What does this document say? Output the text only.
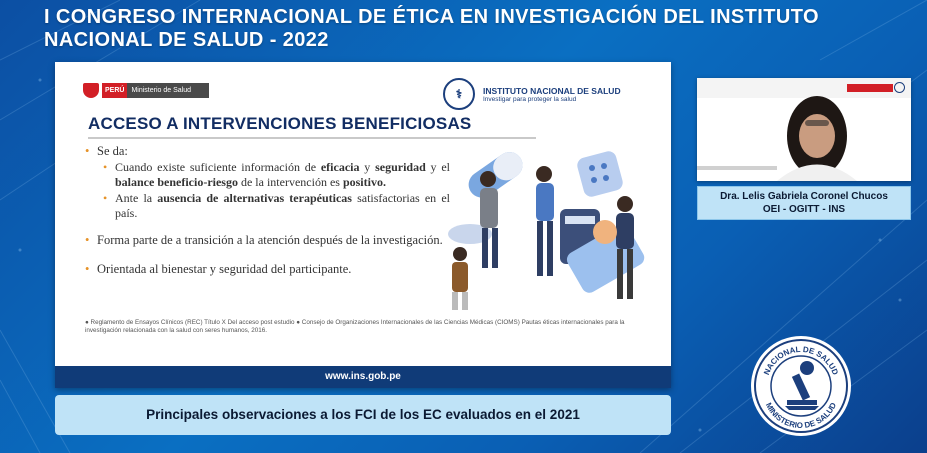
I CONGRESO INTERNACIONAL DE ÉTICA EN INVESTIGACIÓN DEL INSTITUTO
NACIONAL DE SALUD - 2022
PERÚ	Ministerio de Salud	⚕	INSTITUTO NACIONAL DE SALUD
Investigar para proteger la salud
ACCESO A INTERVENCIONES BENEFICIOSAS
• Se da:
• Cuando existe suficiente información de eficacia y seguridad y el balance beneficio-riesgo de la intervención es positivo.
• Ante la ausencia de alternativas terapéuticas satisfactorias en el país.
• Forma parte de a transición a la atención después de la investigación.
• Orientada al bienestar y seguridad del participante.
● Reglamento de Ensayos Clínicos (REC) Título X Del acceso post estudio ● Consejo de Organizaciones Internacionales de las Ciencias Médicas (CIOMS) Pautas éticas internacionales para la investigación relacionada con la salud con seres humanos, 2016.
www.ins.gob.pe
Dra. Lelis Gabriela Coronel Chucos
OEI - OGITT - INS
Principales observaciones a los FCI de los EC evaluados en el 2021
NACIONAL DE SALUD
MINISTERIO DE SALUD
